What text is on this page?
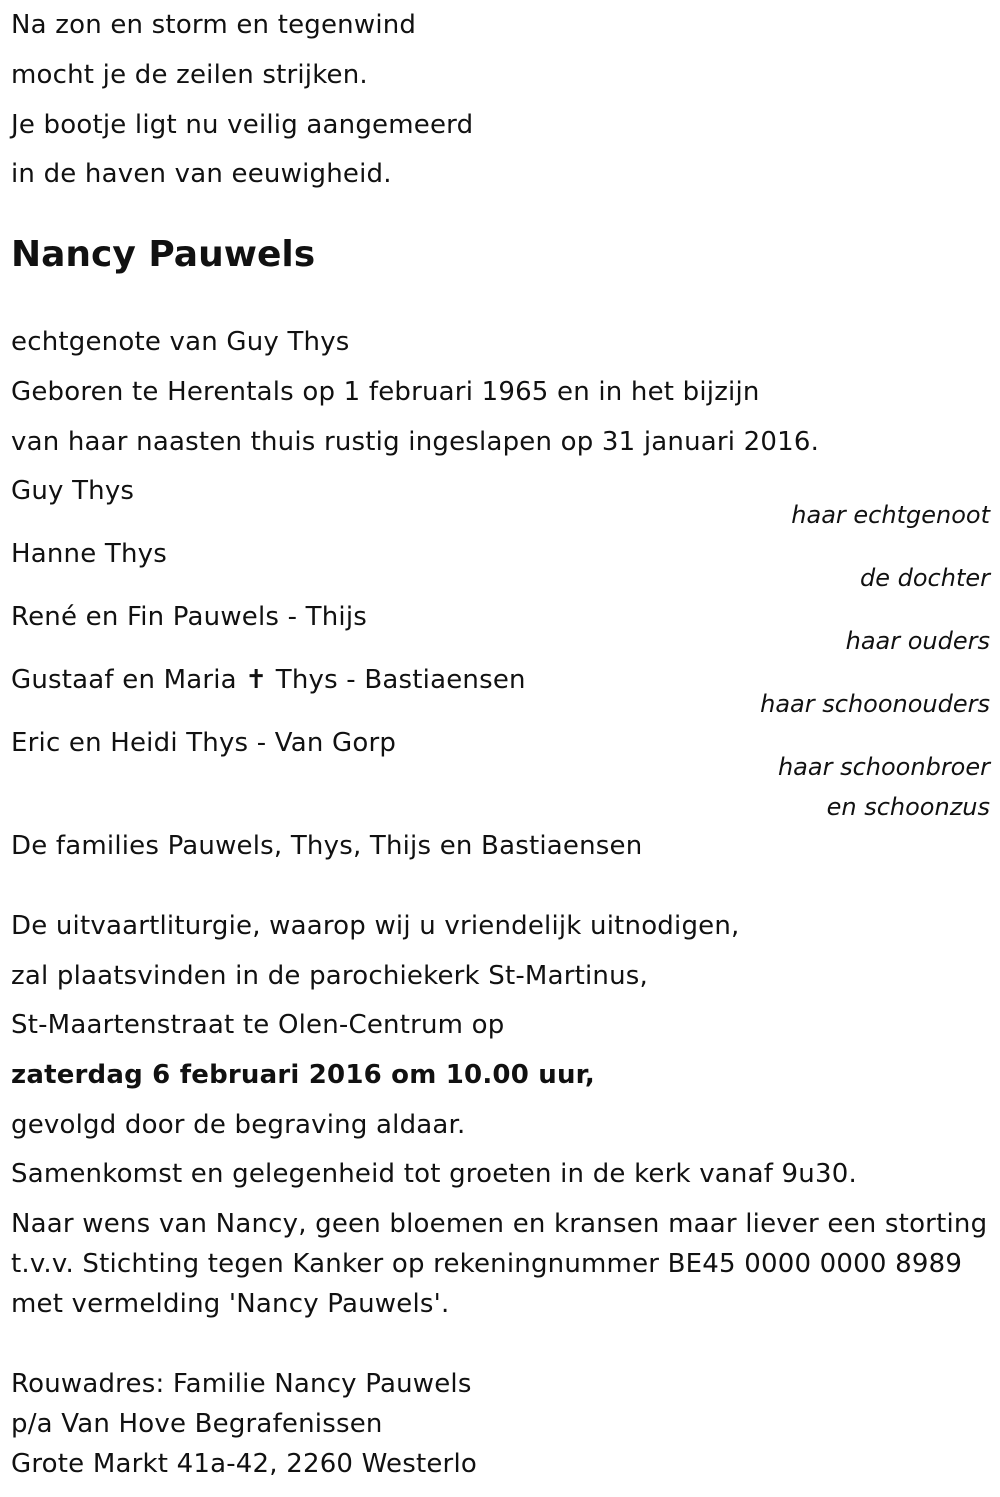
Na zon en storm en tegenwind
mocht je de zeilen strijken.
Je bootje ligt nu veilig aangemeerd
in de haven van eeuwigheid.
Nancy Pauwels
echtgenote van Guy Thys
Geboren te Herentals op 1 februari 1965 en in het bijzijn
van haar naasten thuis rustig ingeslapen op 31 januari 2016.
Guy Thys
haar echtgenoot
Hanne Thys
de dochter
René en Fin Pauwels - Thijs
haar ouders
Gustaaf en Maria ✝ Thys - Bastiaensen
haar schoonouders
Eric en Heidi Thys - Van Gorp
haar schoonbroer
en schoonzus
De families Pauwels, Thys, Thijs en Bastiaensen
De uitvaartliturgie, waarop wij u vriendelijk uitnodigen,
zal plaatsvinden in de parochiekerk St-Martinus,
St-Maartenstraat te Olen-Centrum op
zaterdag 6 februari 2016 om 10.00 uur,
gevolgd door de begraving aldaar.
Samenkomst en gelegenheid tot groeten in de kerk vanaf 9u30.
Naar wens van Nancy, geen bloemen en kransen maar liever een storting
t.v.v. Stichting tegen Kanker op rekeningnummer BE45 0000 0000 8989
met vermelding 'Nancy Pauwels'.
Rouwadres: Familie Nancy Pauwels
p/a Van Hove Begrafenissen
Grote Markt 41a-42, 2260 Westerlo
